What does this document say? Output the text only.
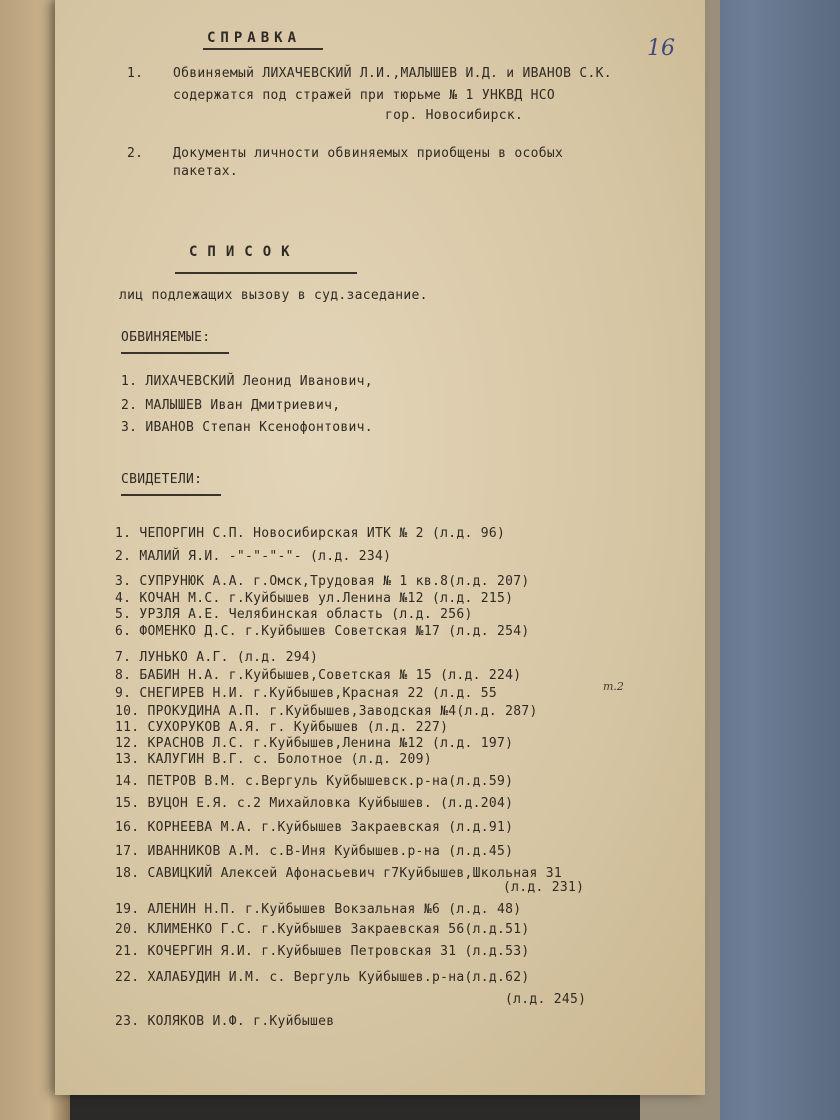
16
СПРАВКА
1. Обвиняемый ЛИХАЧЕВСКИЙ Л.И.,МАЛЫШЕВ И.Д. и ИВАНОВ С.К.
содержатся под стражей при тюрьме № 1 УНКВД НСО
гор. Новосибирск.
2. Документы личности обвиняемых приобщены в особых
пакетах.
СПИСОК
лиц подлежащих вызову в суд.заседание.
ОБВИНЯЕМЫЕ:
1. ЛИХАЧЕВСКИЙ Леонид Иванович,
2. МАЛЫШЕВ Иван Дмитриевич,
3. ИВАНОВ Степан Ксенофонтович.
СВИДЕТЕЛИ:
1. ЧЕПОРГИН С.П. Новосибирская ИТК № 2 (л.д. 96)
2. МАЛИЙ Я.И. -"-"-"-"- (л.д. 234)
3. СУПРУНЮК А.А. г.Омск,Трудовая № 1 кв.8(л.д. 207)
4. КОЧАН М.С. г.Куйбышев ул.Ленина №12 (л.д. 215)
5. УРЗЛЯ А.Е. Челябинская область (л.д. 256)
6. ФОМЕНКО Д.С. г.Куйбышев Советская №17 (л.д. 254)
7. ЛУНЬКО А.Г. (л.д. 294)
8. БАБИН Н.А. г.Куйбышев,Советская № 15 (л.д. 224)
9. СНЕГИРЕВ Н.И. г.Куйбышев,Красная 22 (л.д. 55	т.2
10. ПРОКУДИНА А.П. г.Куйбышев,Заводская №4(л.д. 287)
11. СУХОРУКОВ А.Я. г. Куйбышев (л.д. 227)
12. КРАСНОВ Л.С. г.Куйбышев,Ленина №12 (л.д. 197)
13. КАЛУГИН В.Г. с. Болотное (л.д. 209)
14. ПЕТРОВ В.М. с.Вергуль Куйбышевск.р-на(л.д.59)
15. ВУЦОН Е.Я. с.2 Михайловка Куйбышев. (л.д.204)
16. КОРНЕЕВА М.А. г.Куйбышев Закраевская (л.д.91)
17. ИВАННИКОВ А.М. с.В-Иня Куйбышев.р-на (л.д.45)
18. САВИЦКИЙ Алексей Афонасьевич г7Куйбышев,Школьная 31
(л.д. 231)
19. АЛЕНИН Н.П. г.Куйбышев Вокзальная №6 (л.д. 48)
20. КЛИМЕНКО Г.С. г.Куйбышев Закраевская 56(л.д.51)
21. КОЧЕРГИН Я.И. г.Куйбышев Петровская 31 (л.д.53)
22. ХАЛАБУДИН И.М. с. Вергуль Куйбышев.р-на(л.д.62)
(л.д. 245)
23. КОЛЯКОВ И.Ф. г.Куйбышев
